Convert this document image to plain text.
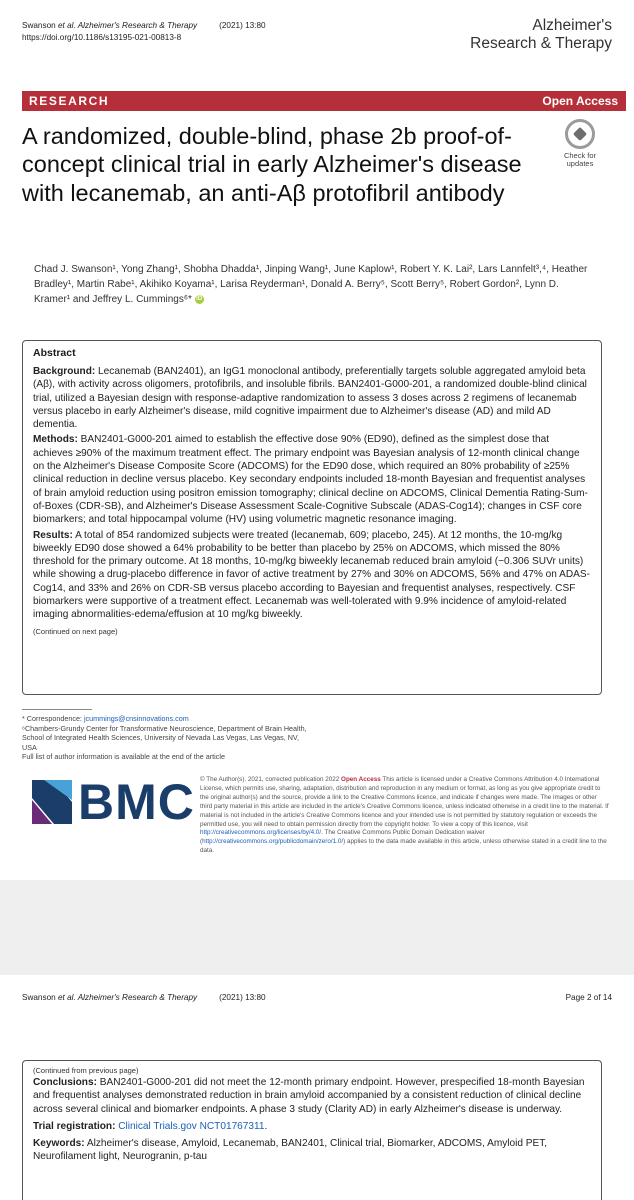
Swanson et al. Alzheimer's Research & Therapy	(2021) 13:80
https://doi.org/10.1186/s13195-021-00813-8
Alzheimer's
Research & Therapy
RESEARCH	Open Access
A randomized, double-blind, phase 2b proof-of-concept clinical trial in early Alzheimer's disease with lecanemab, an anti-Aβ protofibril antibody
Check for
updates
Chad J. Swanson¹, Yong Zhang¹, Shobha Dhadda¹, Jinping Wang¹, June Kaplow¹, Robert Y. K. Lai², Lars Lannfelt³,⁴, Heather Bradley¹, Martin Rabe¹, Akihiko Koyama¹, Larisa Reyderman¹, Donald A. Berry⁵, Scott Berry⁵, Robert Gordon², Lynn D. Kramer¹ and Jeffrey L. Cummings⁶* iD
Abstract

Background: Lecanemab (BAN2401), an IgG1 monoclonal antibody, preferentially targets soluble aggregated amyloid beta (Aβ), with activity across oligomers, protofibrils, and insoluble fibrils. BAN2401-G000-201, a randomized double-blind clinical trial, utilized a Bayesian design with response-adaptive randomization to assess 3 doses across 2 regimens of lecanemab versus placebo in early Alzheimer's disease, mild cognitive impairment due to Alzheimer's disease (AD) and mild AD dementia.

Methods: BAN2401-G000-201 aimed to establish the effective dose 90% (ED90), defined as the simplest dose that achieves ≥90% of the maximum treatment effect. The primary endpoint was Bayesian analysis of 12-month clinical change on the Alzheimer's Disease Composite Score (ADCOMS) for the ED90 dose, which required an 80% probability of ≥25% clinical reduction in decline versus placebo. Key secondary endpoints included 18-month Bayesian and frequentist analyses of brain amyloid reduction using positron emission tomography; clinical decline on ADCOMS, Clinical Dementia Rating-Sum-of-Boxes (CDR-SB), and Alzheimer's Disease Assessment Scale-Cognitive Subscale (ADAS-Cog14); changes in CSF core biomarkers; and total hippocampal volume (HV) using volumetric magnetic resonance imaging.

Results: A total of 854 randomized subjects were treated (lecanemab, 609; placebo, 245). At 12 months, the 10-mg/kg biweekly ED90 dose showed a 64% probability to be better than placebo by 25% on ADCOMS, which missed the 80% threshold for the primary outcome. At 18 months, 10-mg/kg biweekly lecanemab reduced brain amyloid (−0.306 SUVr units) while showing a drug-placebo difference in favor of active treatment by 27% and 30% on ADCOMS, 56% and 47% on ADAS-Cog14, and 33% and 26% on CDR-SB versus placebo according to Bayesian and frequentist analyses, respectively. CSF biomarkers were supportive of a treatment effect. Lecanemab was well-tolerated with 9.9% incidence of amyloid-related imaging abnormalities-edema/effusion at 10 mg/kg biweekly.

(Continued on next page)
* Correspondence: jcummings@cnsinnovations.com
⁶Chambers-Grundy Center for Transformative Neuroscience, Department of Brain Health, School of Integrated Health Sciences, University of Nevada Las Vegas, Las Vegas, NV, USA
Full list of author information is available at the end of the article
BMC © The Author(s). 2021, corrected publication 2022 Open Access This article is licensed under a Creative Commons Attribution 4.0 International License, which permits use, sharing, adaptation, distribution and reproduction in any medium or format, as long as you give appropriate credit to the original author(s) and the source, provide a link to the Creative Commons licence, and indicate if changes were made. The images or other third party material in this article are included in the article's Creative Commons licence, unless indicated otherwise in a credit line to the material. If material is not included in the article's Creative Commons licence and your intended use is not permitted by statutory regulation or exceeds the permitted use, you will need to obtain permission directly from the copyright holder. To view a copy of this licence, visit http://creativecommons.org/licenses/by/4.0/. The Creative Commons Public Domain Dedication waiver (http://creativecommons.org/publicdomain/zero/1.0/) applies to the data made available in this article, unless otherwise stated in a credit line to the data.
Swanson et al. Alzheimer's Research & Therapy	(2021) 13:80	Page 2 of 14
(Continued from previous page)

Conclusions: BAN2401-G000-201 did not meet the 12-month primary endpoint. However, prespecified 18-month Bayesian and frequentist analyses demonstrated reduction in brain amyloid accompanied by a consistent reduction of clinical decline across several clinical and biomarker endpoints. A phase 3 study (Clarity AD) in early Alzheimer's disease is underway.

Trial registration: Clinical Trials.gov NCT01767311.

Keywords: Alzheimer's disease, Amyloid, Lecanemab, BAN2401, Clinical trial, Biomarker, ADCOMS, Amyloid PET, Neurofilament light, Neurogranin, p-tau
